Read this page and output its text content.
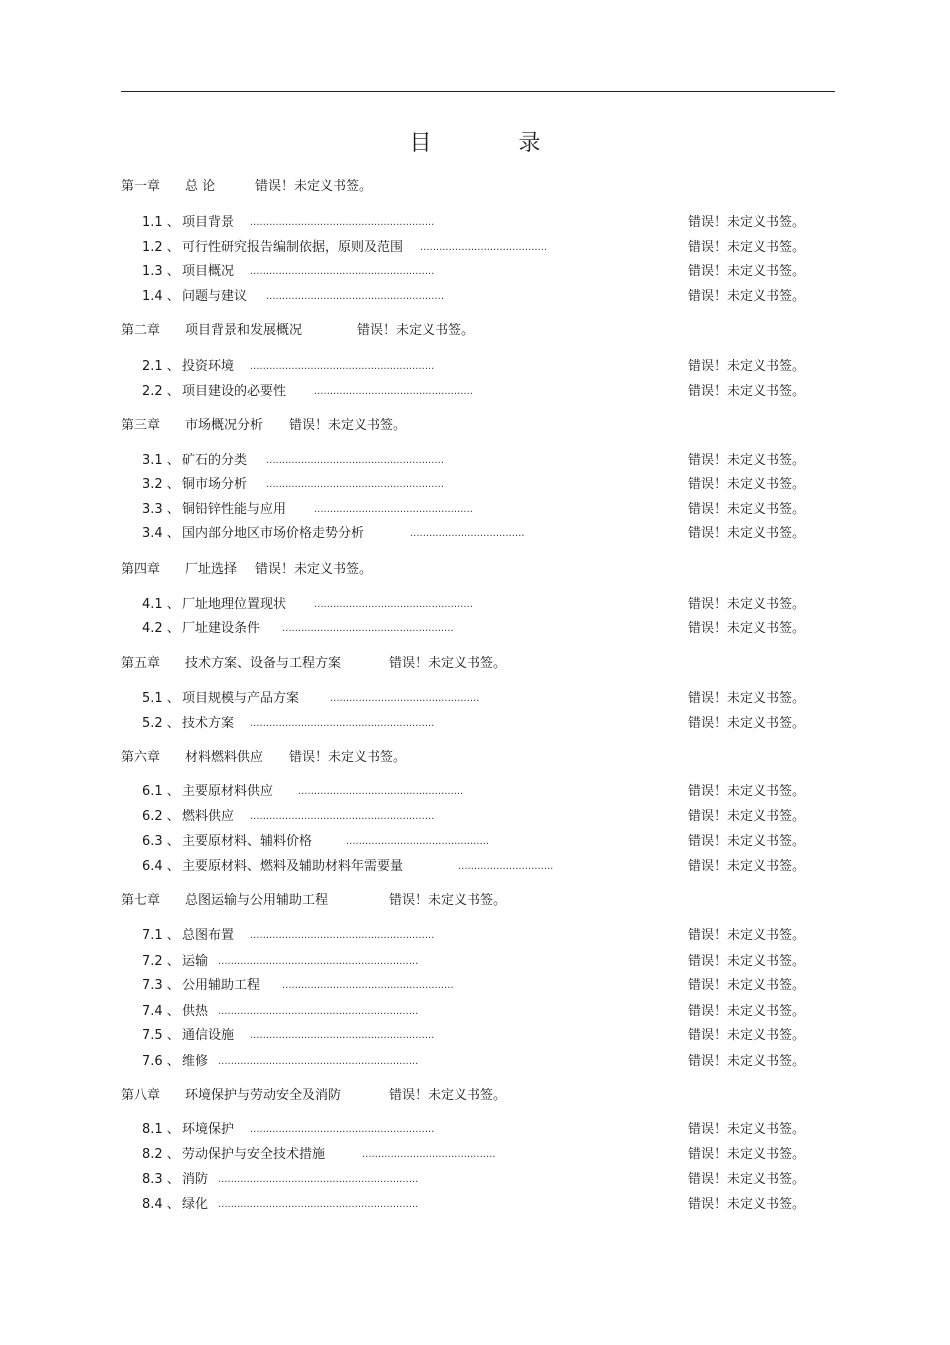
目 录
第一章 总 论	错误！未定义书签。
1.1 、 项目背景 ..........................................................	错误！未定义书签。
1.2 、 可行性研究报告编制依据，原则及范围 ........................................	错误！未定义书签。
1.3 、 项目概况 ..........................................................	错误！未定义书签。
1.4 、 问题与建议 ........................................................	错误！未定义书签。
第二章 项目背景和发展概况	错误！未定义书签。
2.1 、 投资环境 ..........................................................	错误！未定义书签。
2.2 、 项目建设的必要性	..................................................	错误！未定义书签。
第三章 市场概况分析 错误！未定义书签。
3.1 、 矿石的分类 ........................................................	错误！未定义书签。
3.2 、 铜市场分析 ........................................................	错误！未定义书签。
3.3 、 铜铅锌性能与应用	..................................................	错误！未定义书签。
3.4 、 国内部分地区市场价格走势分析	....................................	错误！未定义书签。
第四章 厂址选择 错误！未定义书签。
4.1 、 厂址地理位置现状	..................................................	错误！未定义书签。
4.2 、 厂址建设条件 ......................................................	错误！未定义书签。
第五章 技术方案、设备与工程方案	错误！未定义书签。
5.1 、 项目规模与产品方案	...............................................	错误！未定义书签。
5.2 、 技术方案 ..........................................................	错误！未定义书签。
第六章 材料燃料供应 错误！未定义书签。
6.1 、 主要原材料供应 ....................................................	错误！未定义书签。
6.2 、 燃料供应 ..........................................................	错误！未定义书签。
6.3 、 主要原材料、辅料价格	.............................................	错误！未定义书签。
6.4 、 主要原材料、燃料及辅助材料年需要量	..............................	错误！未定义书签。
第七章 总图运输与公用辅助工程	错误！未定义书签。
7.1 、 总图布置 ..........................................................	错误！未定义书签。
7.2 、 运输 ...............................................................	错误！未定义书签。
7.3 、 公用辅助工程 ......................................................	错误！未定义书签。
7.4 、 供热 ...............................................................	错误！未定义书签。
7.5 、 通信设施 ..........................................................	错误！未定义书签。
7.6 、 维修 ...............................................................	错误！未定义书签。
第八章 环境保护与劳动安全及消防	错误！未定义书签。
8.1 、 环境保护 ..........................................................	错误！未定义书签。
8.2 、 劳动保护与安全技术措施	..........................................	错误！未定义书签。
8.3 、 消防 ...............................................................	错误！未定义书签。
8.4 、 绿化 ...............................................................	错误！未定义书签。
